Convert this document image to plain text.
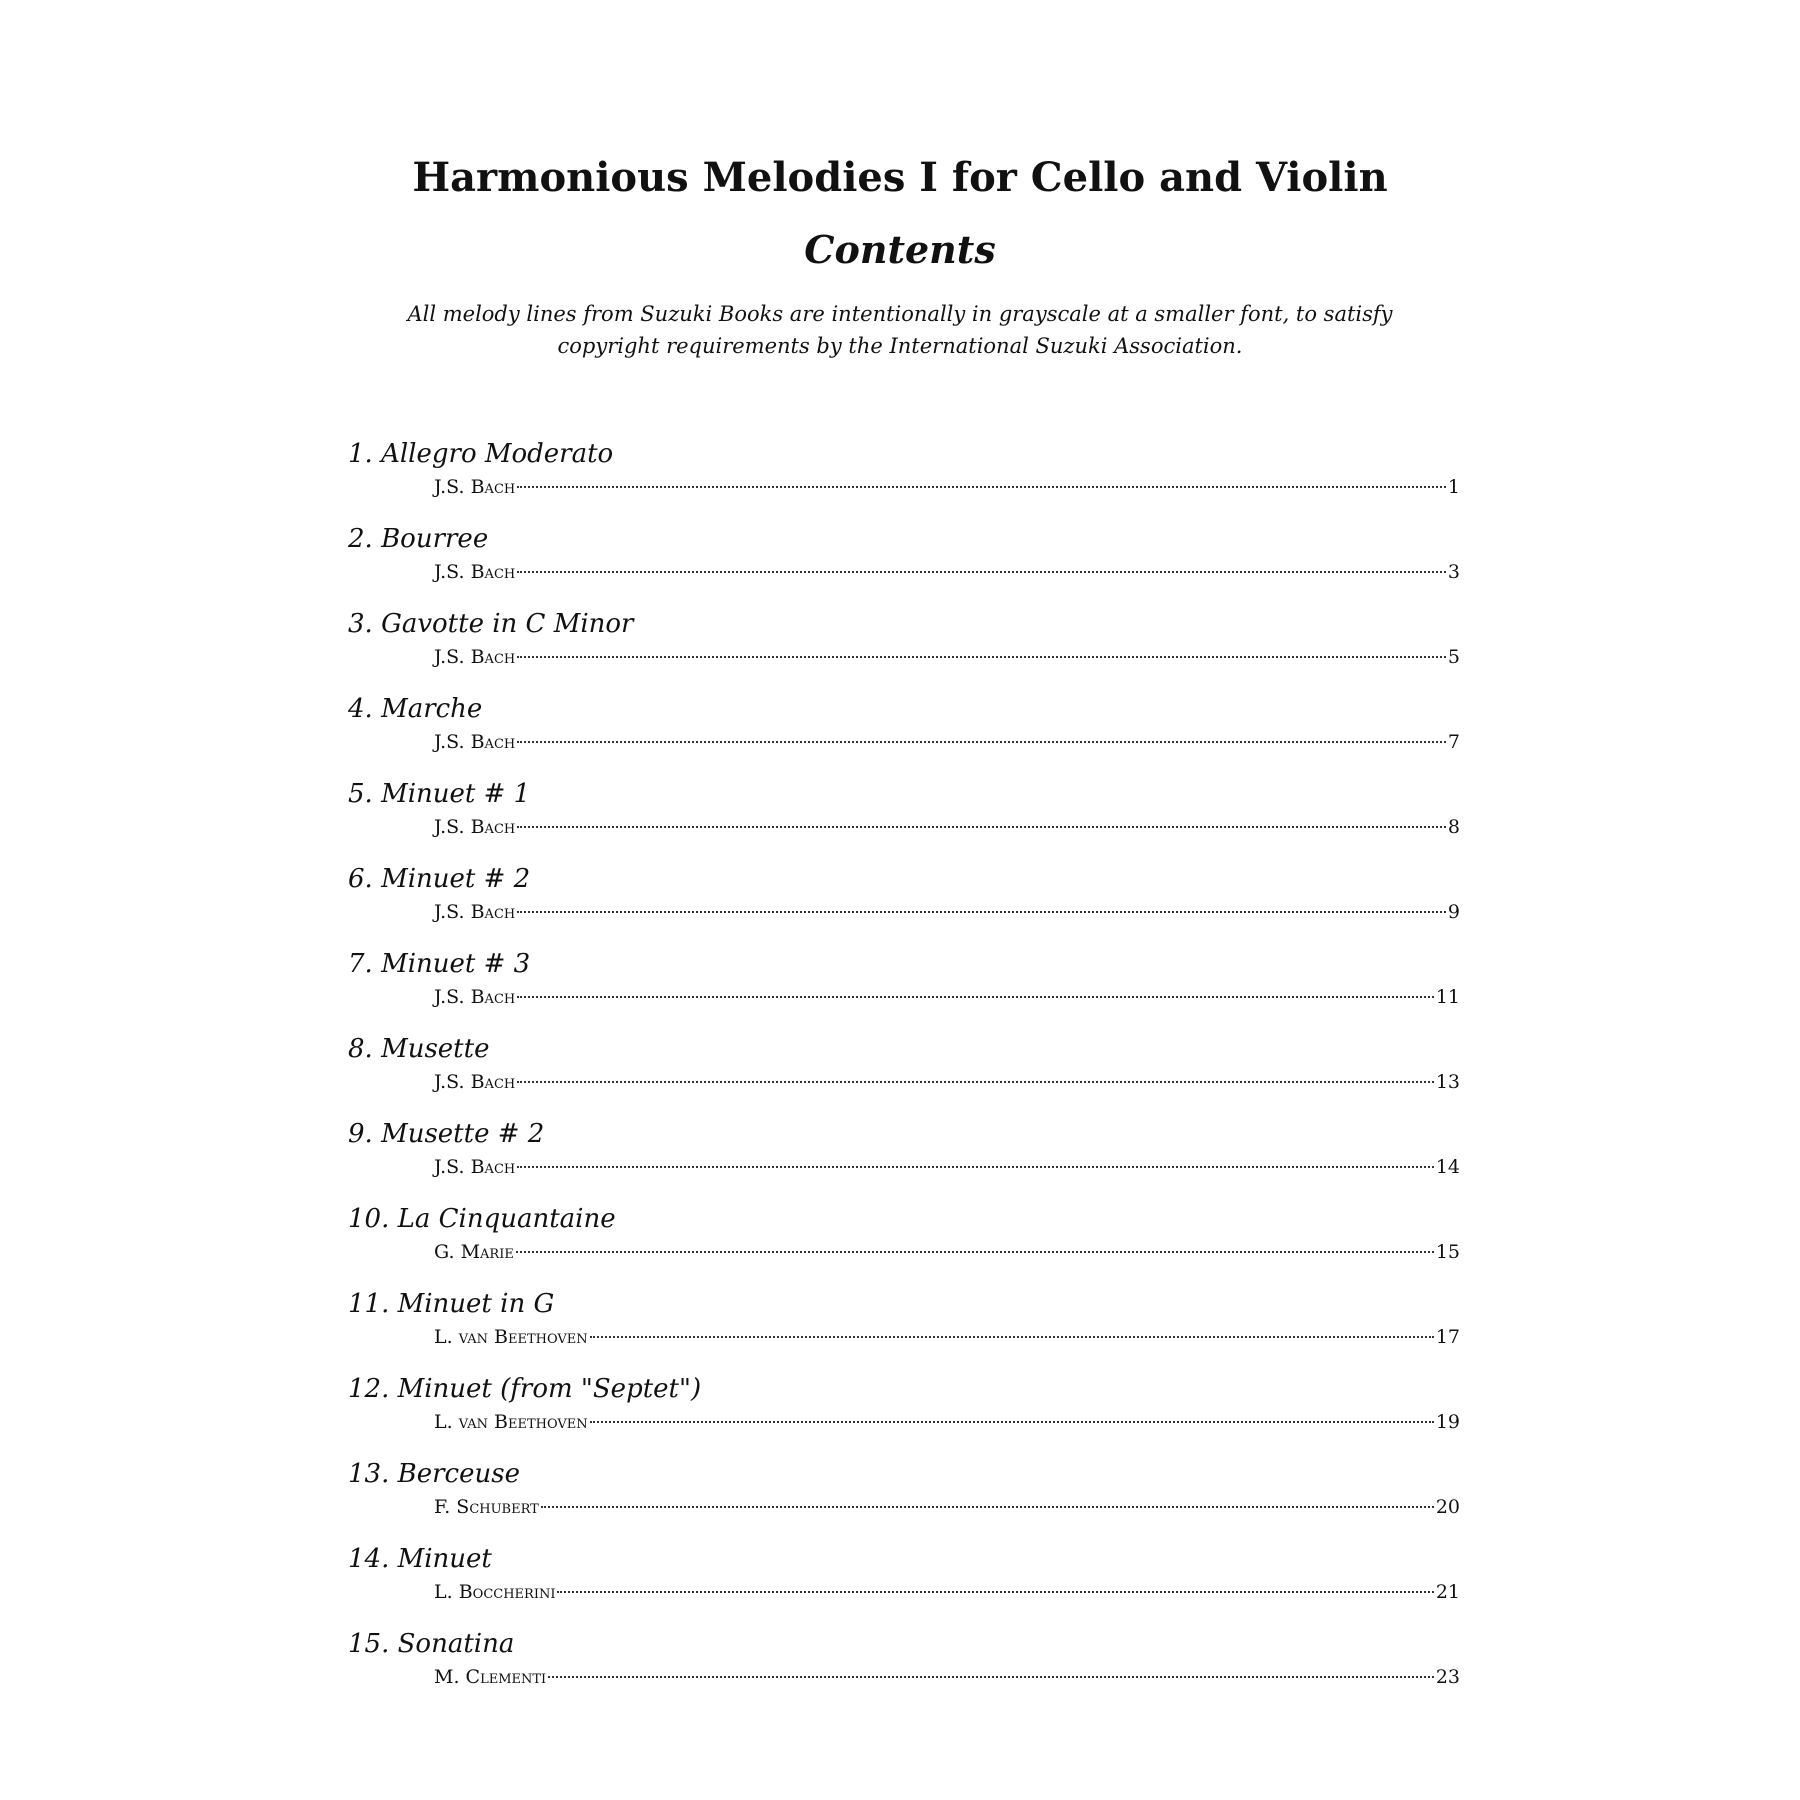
Harmonious Melodies I for Cello and Violin
Contents

All melody lines from Suzuki Books are intentionally in grayscale at a smaller font, to satisfy copyright requirements by the International Suzuki Association.

1. Allegro Moderato
J.S. Bach	1
2. Bourree
J.S. Bach	3
3. Gavotte in C Minor
J.S. Bach	5
4. Marche
J.S. Bach	7
5. Minuet # 1
J.S. Bach	8
6. Minuet # 2
J.S. Bach	9
7. Minuet # 3
J.S. Bach	11
8. Musette
J.S. Bach	13
9. Musette # 2
J.S. Bach	14
10. La Cinquantaine
G. Marie	15
11. Minuet in G
L. van Beethoven	17
12. Minuet (from "Septet")
L. van Beethoven	19
13. Berceuse
F. Schubert	20
14. Minuet
L. Boccherini	21
15. Sonatina
M. Clementi	23
